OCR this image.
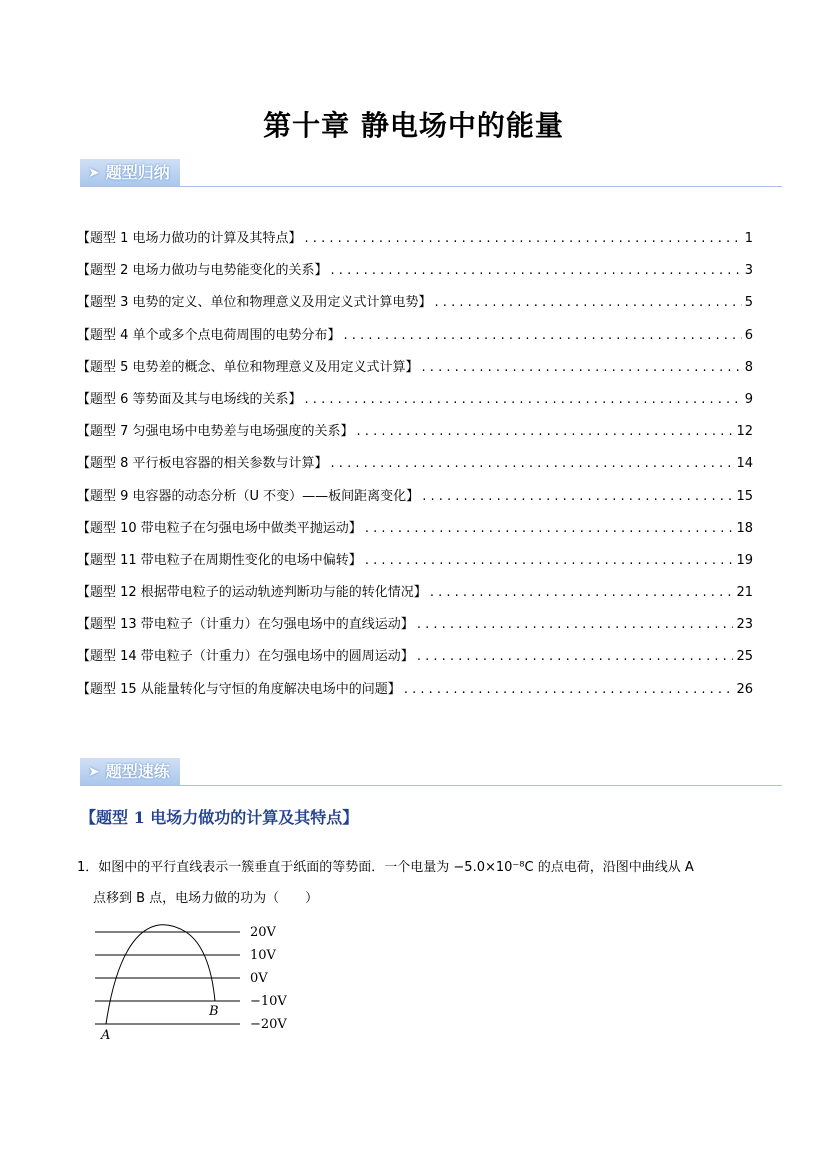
第十章 静电场中的能量
➤ 题型归纳
【题型 1 电场力做功的计算及其特点】 . . .	1
【题型 2 电场力做功与电势能变化的关系】 . . .	3
【题型 3 电势的定义、单位和物理意义及用定义式计算电势】 . . .	5
【题型 4 单个或多个点电荷周围的电势分布】 . . .	6
【题型 5 电势差的概念、单位和物理意义及用定义式计算】 . . .	8
【题型 6 等势面及其与电场线的关系】 . . .	9
【题型 7 匀强电场中电势差与电场强度的关系】 . . .	12
【题型 8 平行板电容器的相关参数与计算】 . . .	14
【题型 9 电容器的动态分析（U 不变）——板间距离变化】 . . .	15
【题型 10 带电粒子在匀强电场中做类平抛运动】 . . .	18
【题型 11 带电粒子在周期性变化的电场中偏转】 . . .	19
【题型 12 根据带电粒子的运动轨迹判断功与能的转化情况】 . . .	21
【题型 13 带电粒子（计重力）在匀强电场中的直线运动】 . . .	23
【题型 14 带电粒子（计重力）在匀强电场中的圆周运动】 . . .	25
【题型 15 从能量转化与守恒的角度解决电场中的问题】 . . .	26
➤ 题型速练
【题型 1 电场力做功的计算及其特点】
1．如图中的平行直线表示一簇垂直于纸面的等势面．一个电量为 −5.0×10⁻⁸C 的点电荷，沿图中曲线从 A
点移到 B 点，电场力做的功为（　　）
20V
10V
0V
−10V
−20V
A
B
